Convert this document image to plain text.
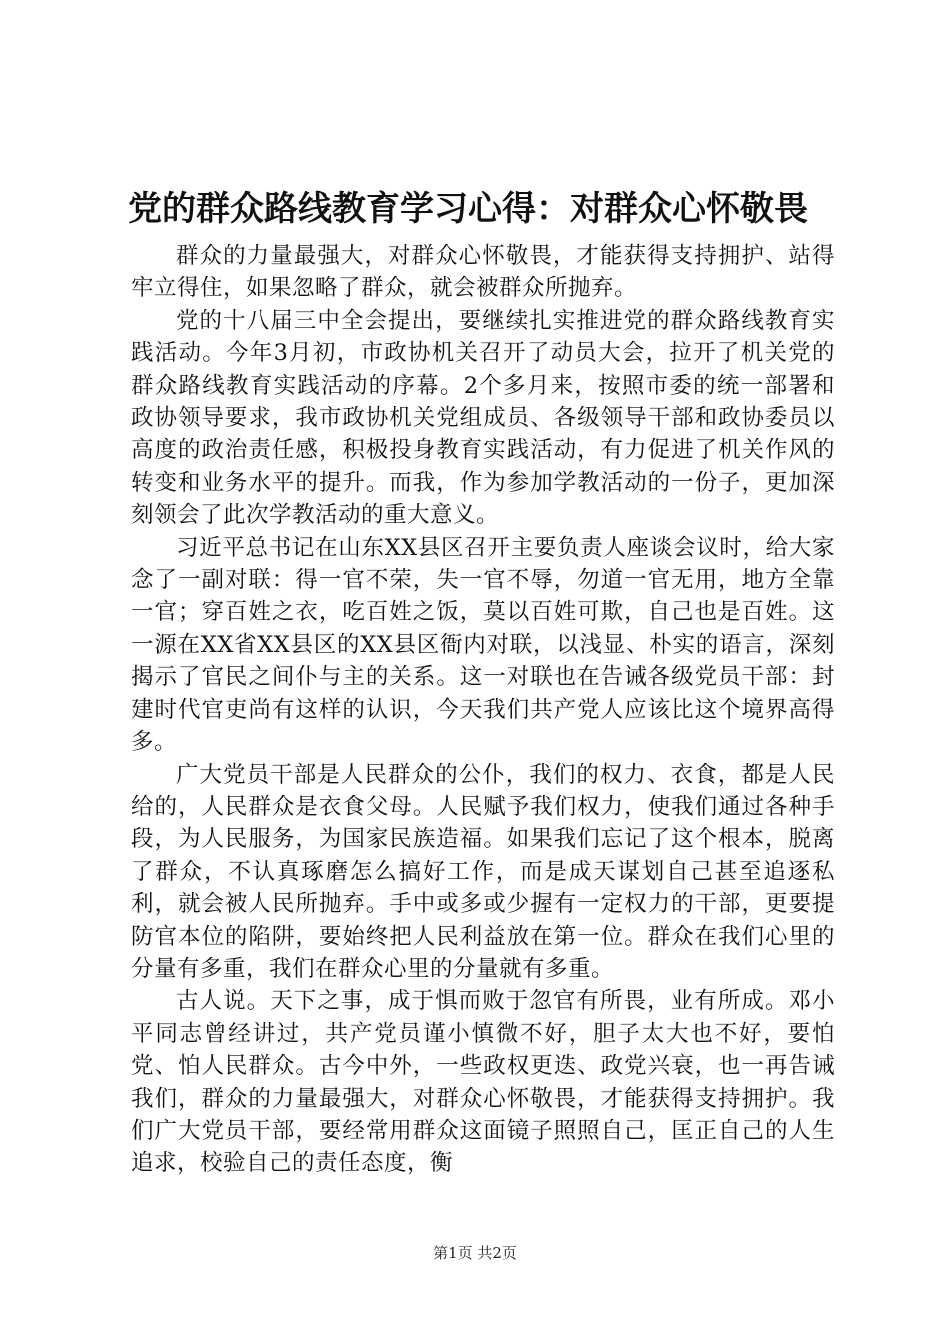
党的群众路线教育学习心得：对群众心怀敬畏

群众的力量最强大，对群众心怀敬畏，才能获得支持拥护、站得牢立得住，如果忽略了群众，就会被群众所抛弃。

党的十八届三中全会提出，要继续扎实推进党的群众路线教育实践活动。今年3月初，市政协机关召开了动员大会，拉开了机关党的群众路线教育实践活动的序幕。2个多月来，按照市委的统一部署和政协领导要求，我市政协机关党组成员、各级领导干部和政协委员以高度的政治责任感，积极投身教育实践活动，有力促进了机关作风的转变和业务水平的提升。而我，作为参加学教活动的一份子，更加深刻领会了此次学教活动的重大意义。

习近平总书记在山东XX县区召开主要负责人座谈会议时，给大家念了一副对联：得一官不荣，失一官不辱，勿道一官无用，地方全靠一官；穿百姓之衣，吃百姓之饭，莫以百姓可欺，自己也是百姓。这一源在XX省XX县区的XX县区衙内对联，以浅显、朴实的语言，深刻揭示了官民之间仆与主的关系。这一对联也在告诫各级党员干部：封建时代官吏尚有这样的认识，今天我们共产党人应该比这个境界高得多。

广大党员干部是人民群众的公仆，我们的权力、衣食，都是人民给的，人民群众是衣食父母。人民赋予我们权力，使我们通过各种手段，为人民服务，为国家民族造福。如果我们忘记了这个根本，脱离了群众，不认真琢磨怎么搞好工作，而是成天谋划自己甚至追逐私利，就会被人民所抛弃。手中或多或少握有一定权力的干部，更要提防官本位的陷阱，要始终把人民利益放在第一位。群众在我们心里的分量有多重，我们在群众心里的分量就有多重。

古人说。天下之事，成于惧而败于忽官有所畏，业有所成。邓小平同志曾经讲过，共产党员谨小慎微不好，胆子太大也不好，要怕党、怕人民群众。古今中外，一些政权更迭、政党兴衰，也一再告诫我们，群众的力量最强大，对群众心怀敬畏，才能获得支持拥护。我们广大党员干部，要经常用群众这面镜子照照自己，匡正自己的人生追求，校验自己的责任态度，衡

第1页 共2页
